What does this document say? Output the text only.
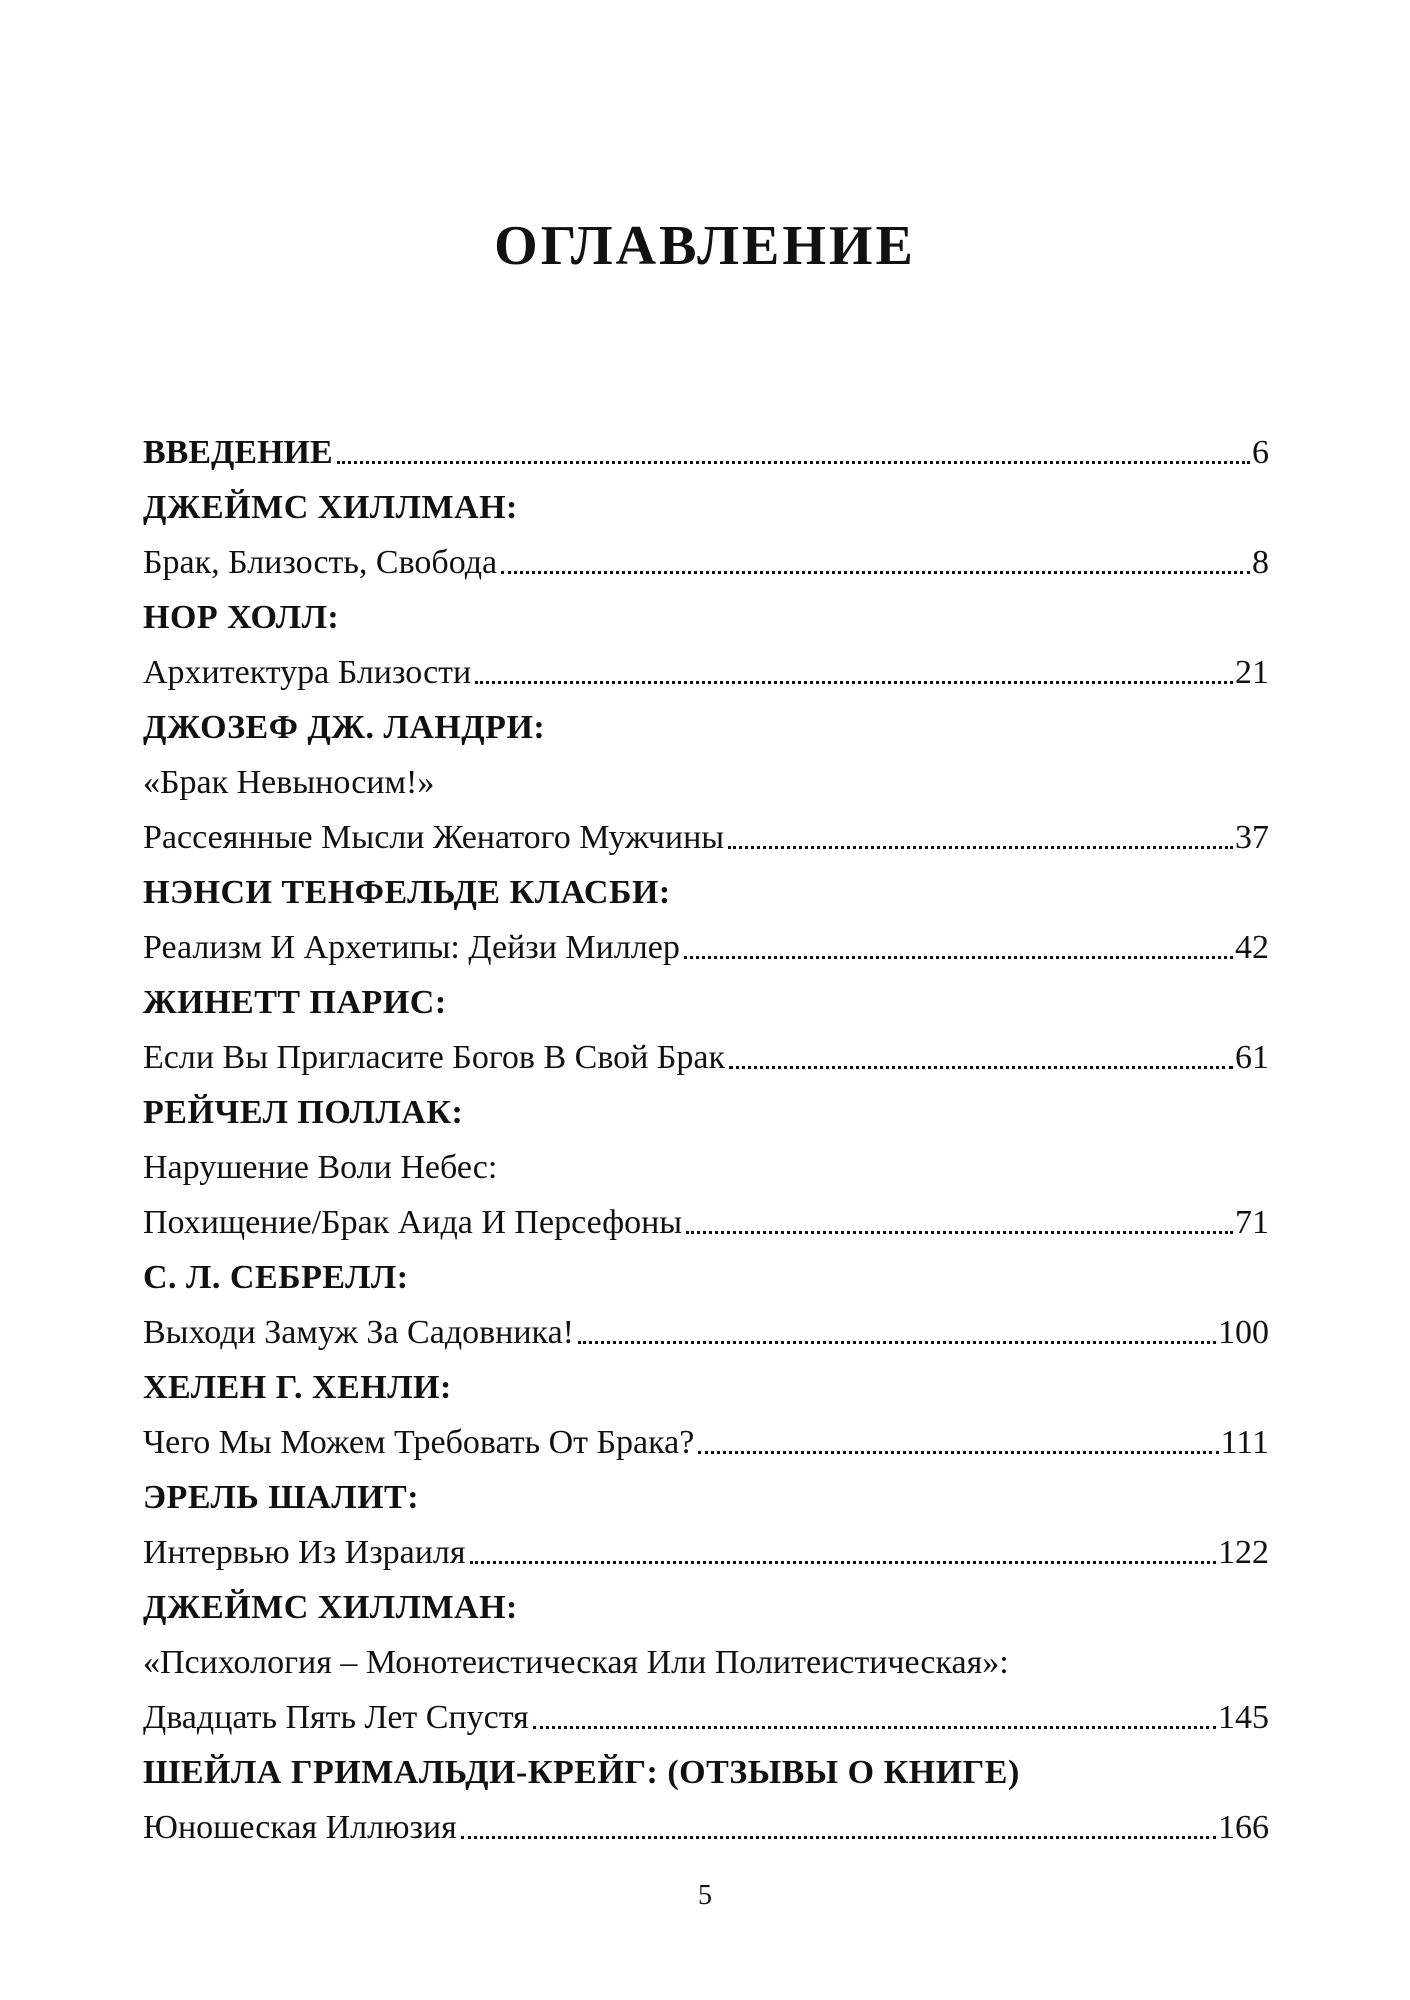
ОГЛАВЛЕНИЕ
ВВЕДЕНИЕ	6
ДЖЕЙМС ХИЛЛМАН:
Брак, Близость, Свобода	8
НОР ХОЛЛ:
Архитектура Близости	21
ДЖОЗЕФ ДЖ. ЛАНДРИ:
«Брак Невыносим!»
Рассеянные Мысли Женатого Мужчины	37
НЭНСИ ТЕНФЕЛЬДЕ КЛАСБИ:
Реализм И Архетипы: Дейзи Миллер	42
ЖИНЕТТ ПАРИС:
Если Вы Пригласите Богов В Свой Брак	61
РЕЙЧЕЛ ПОЛЛАК:
Нарушение Воли Небес:
Похищение/Брак Аида И Персефоны	71
С. Л. СЕБРЕЛЛ:
Выходи Замуж За Садовника!	100
ХЕЛЕН Г. ХЕНЛИ:
Чего Мы Можем Требовать От Брака?	111
ЭРЕЛЬ ШАЛИТ:
Интервью Из Израиля	122
ДЖЕЙМС ХИЛЛМАН:
«Психология – Монотеистическая Или Политеистическая»:
Двадцать Пять Лет Спустя	145
ШЕЙЛА ГРИМАЛЬДИ-КРЕЙГ: (ОТЗЫВЫ О КНИГЕ)
Юношеская Иллюзия	166
5
